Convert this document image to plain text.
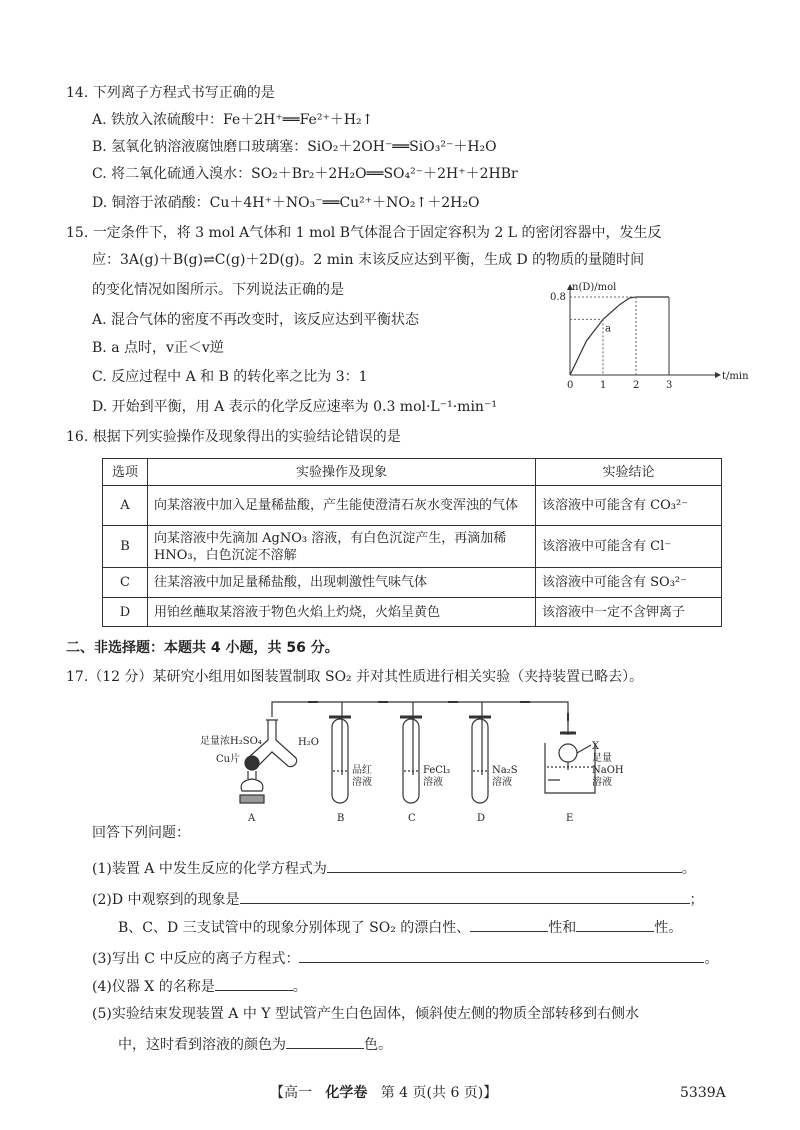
14. 下列离子方程式书写正确的是
A. 铁放入浓硫酸中：Fe＋2H⁺══Fe²⁺＋H₂↑
B. 氢氧化钠溶液腐蚀磨口玻璃塞：SiO₂＋2OH⁻══SiO₃²⁻＋H₂O
C. 将二氧化硫通入溴水：SO₂＋Br₂＋2H₂O══SO₄²⁻＋2H⁺＋2HBr
D. 铜溶于浓硝酸：Cu＋4H⁺＋NO₃⁻══Cu²⁺＋NO₂↑＋2H₂O
15. 一定条件下，将 3 mol A气体和 1 mol B气体混合于固定容积为 2 L 的密闭容器中，发生反
应：3A(g)＋B(g)⇌C(g)＋2D(g)。2 min 末该反应达到平衡，生成 D 的物质的量随时间
的变化情况如图所示。下列说法正确的是
A. 混合气体的密度不再改变时，该反应达到平衡状态
B. a 点时，v正＜v逆
C. 反应过程中 A 和 B 的转化率之比为 3：1
D. 开始到平衡，用 A 表示的化学反应速率为 0.3 mol·L⁻¹·min⁻¹
n(D)/mol
t/min
0	1	2	3
0.8
a
16. 根据下列实验操作及现象得出的实验结论错误的是
选项	实验操作及现象	实验结论
A	向某溶液中加入足量稀盐酸，产生能使澄清石灰水变浑浊的气体	该溶液中可能含有 CO₃²⁻
B	向某溶液中先滴加 AgNO₃ 溶液，有白色沉淀产生，再滴加稀 HNO₃，白色沉淀不溶解	该溶液中可能含有 Cl⁻
C	往某溶液中加足量稀盐酸，出现刺激性气味气体	该溶液中可能含有 SO₃²⁻
D	用铂丝蘸取某溶液于物色火焰上灼烧，火焰呈黄色	该溶液中一定不含钾离子
二、非选择题：本题共 4 小题，共 56 分。
17.（12 分）某研究小组用如图装置制取 SO₂ 并对其性质进行相关实验（夹持装置已略去）。
足量浓H₂SO₄
Cu片
H₂O
品红
溶液
FeCl₃
溶液
Na₂S
溶液
X
足量
NaOH
溶液
A	B	C	D	E
回答下列问题：
(1)装置 A 中发生反应的化学方程式为	。
(2)D 中观察到的现象是	；
B、C、D 三支试管中的现象分别体现了 SO₂ 的漂白性、	性和	性。
(3)写出 C 中反应的离子方程式：	。
(4)仪器 X 的名称是	。
(5)实验结束发现装置 A 中 Y 型试管产生白色固体，倾斜使左侧的物质全部转移到右侧水
中，这时看到溶液的颜色为	色。
【高一 化学卷 第 4 页(共 6 页)】	5339A
